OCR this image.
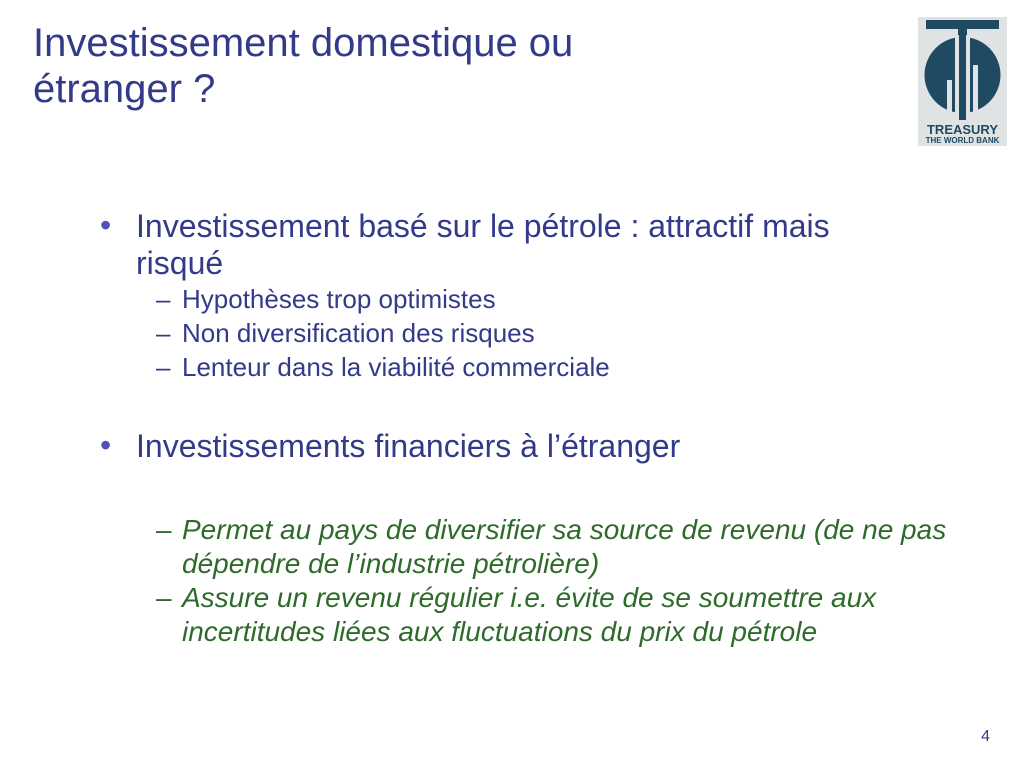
Investissement domestique ou
étranger ?
TREASURY
THE WORLD BANK
• Investissement basé sur le pétrole : attractif mais risqué
– Hypothèses trop optimistes
– Non diversification des risques
– Lenteur dans la viabilité commerciale
• Investissements financiers à l’étranger
– Permet au pays de diversifier sa source de revenu (de ne pas dépendre de l’industrie pétrolière)
– Assure un revenu régulier i.e. évite de se soumettre aux incertitudes liées aux fluctuations du prix du pétrole
4
